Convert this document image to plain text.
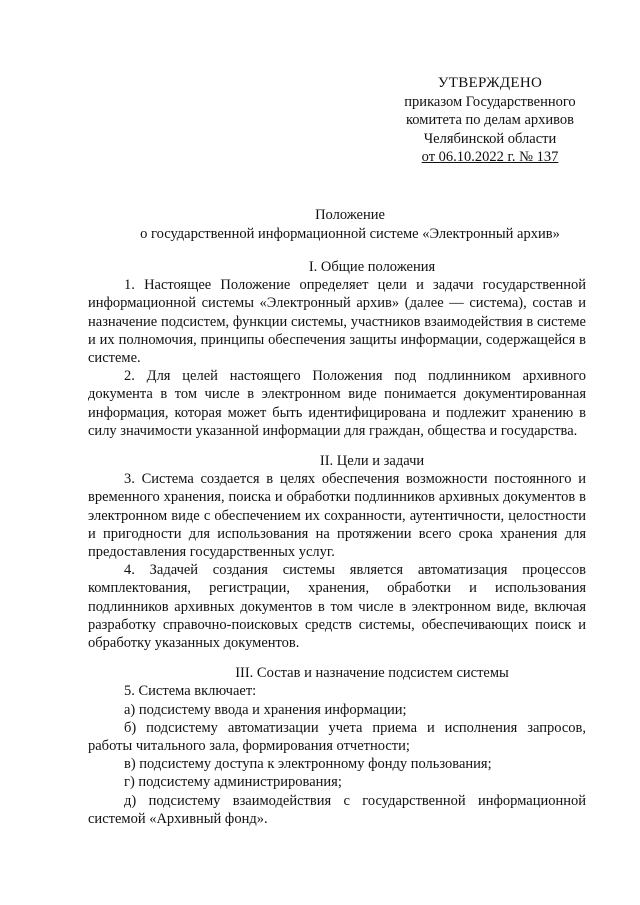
УТВЕРЖДЕНО
приказом Государственного
комитета по делам архивов
Челябинской области
от 06.10.2022 г. № 137
Положение
о государственной информационной системе «Электронный архив»

I. Общие положения

1. Настоящее Положение определяет цели и задачи государственной информационной системы «Электронный архив» (далее — система), состав и назначение подсистем, функции системы, участников взаимодействия в системе и их полномочия, принципы обеспечения защиты информации, содержащейся в системе.

2. Для целей настоящего Положения под подлинником архивного документа в том числе в электронном виде понимается документированная информация, которая может быть идентифицирована и подлежит хранению в силу значимости указанной информации для граждан, общества и государства.

II. Цели и задачи

3. Система создается в целях обеспечения возможности постоянного и временного хранения, поиска и обработки подлинников архивных документов в электронном виде с обеспечением их сохранности, аутентичности, целостности и пригодности для использования на протяжении всего срока хранения для предоставления государственных услуг.

4. Задачей создания системы является автоматизация процессов комплектования, регистрации, хранения, обработки и использования подлинников архивных документов в том числе в электронном виде, включая разработку справочно-поисковых средств системы, обеспечивающих поиск и обработку указанных документов.

III. Состав и назначение подсистем системы

5. Система включает:

а) подсистему ввода и хранения информации;

б) подсистему автоматизации учета приема и исполнения запросов, работы читального зала, формирования отчетности;

в) подсистему доступа к электронному фонду пользования;

г) подсистему администрирования;

д) подсистему взаимодействия с государственной информационной системой «Архивный фонд».
